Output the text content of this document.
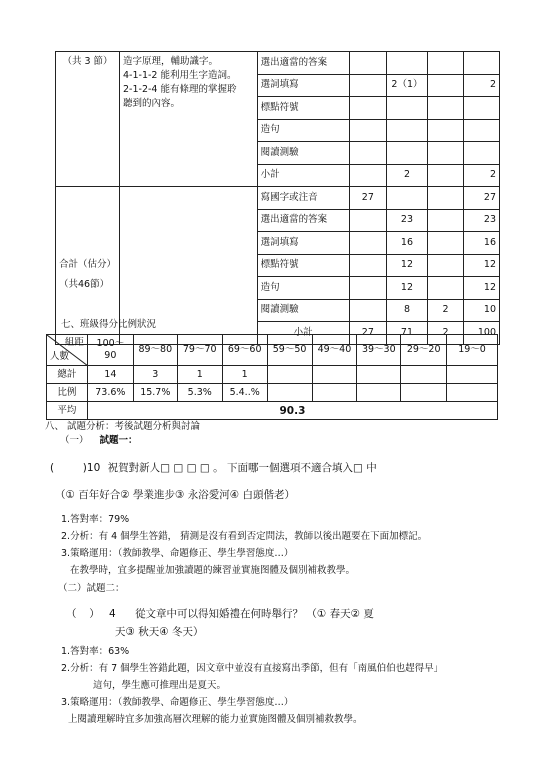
（共 3 節）	造字原理，輔助識字。
4-1-1-2 能利用生字造詞。
2-1-2-4 能有條理的掌握聆
聽到的內容。	選出適當的答案				
		選詞填寫		2（1）		2
		標點符號				
		造句				
		閱讀測驗				
		小計		2		2

合計（估分）
（共46節）		寫國字或注音	27			27
		選出適當的答案		23		23
		選詞填寫		16		16
		標點符號		12		12
		造句		12		12
		閱讀測驗		8	2	10
		小計	27	71	2	100
七、班級得分比例狀況
組距
人數	100～90	89～80	79～70	69～60	59～50	49～40	39～30	29～20	19～0
總計	14	3	1	1					
比例	73.6%	15.7%	5.3%	5.4..%					
平均	90.3								
八、 試題分析：考後試題分析與討論
（一） 試題一：
(	)10 祝賀對新人□ □ □ □ 。 下面哪一個選項不適合填入□ 中
（① 百年好合② 學業進步③ 永浴愛河④ 白頭偕老）
1.答對率：79%
2.分析：有 4 個學生答錯， 猜測是沒有看到否定問法，教師以後出題要在下面加標記。
3.策略運用：（教師教學、命題修正、學生學習態度…）
在教學時，宜多提醒並加強讀題的練習並實施图體及個別補救教學。
（二）試題二：
（ ） 4 從文章中可以得知婚禮在何時舉行？ （① 春天② 夏
天③ 秋天④ 冬天）
1.答對率：63%
2.分析：有 7 個學生答錯此題，因文章中並沒有直接寫出季節，但有「南風伯伯也趕得早」
這句，學生應可推理出是夏天。
3.策略運用：（教師教學、命題修正、學生學習態度…）
上閱讀理解時宜多加強高層次理解的能力並實施图體及個別補救教學。
